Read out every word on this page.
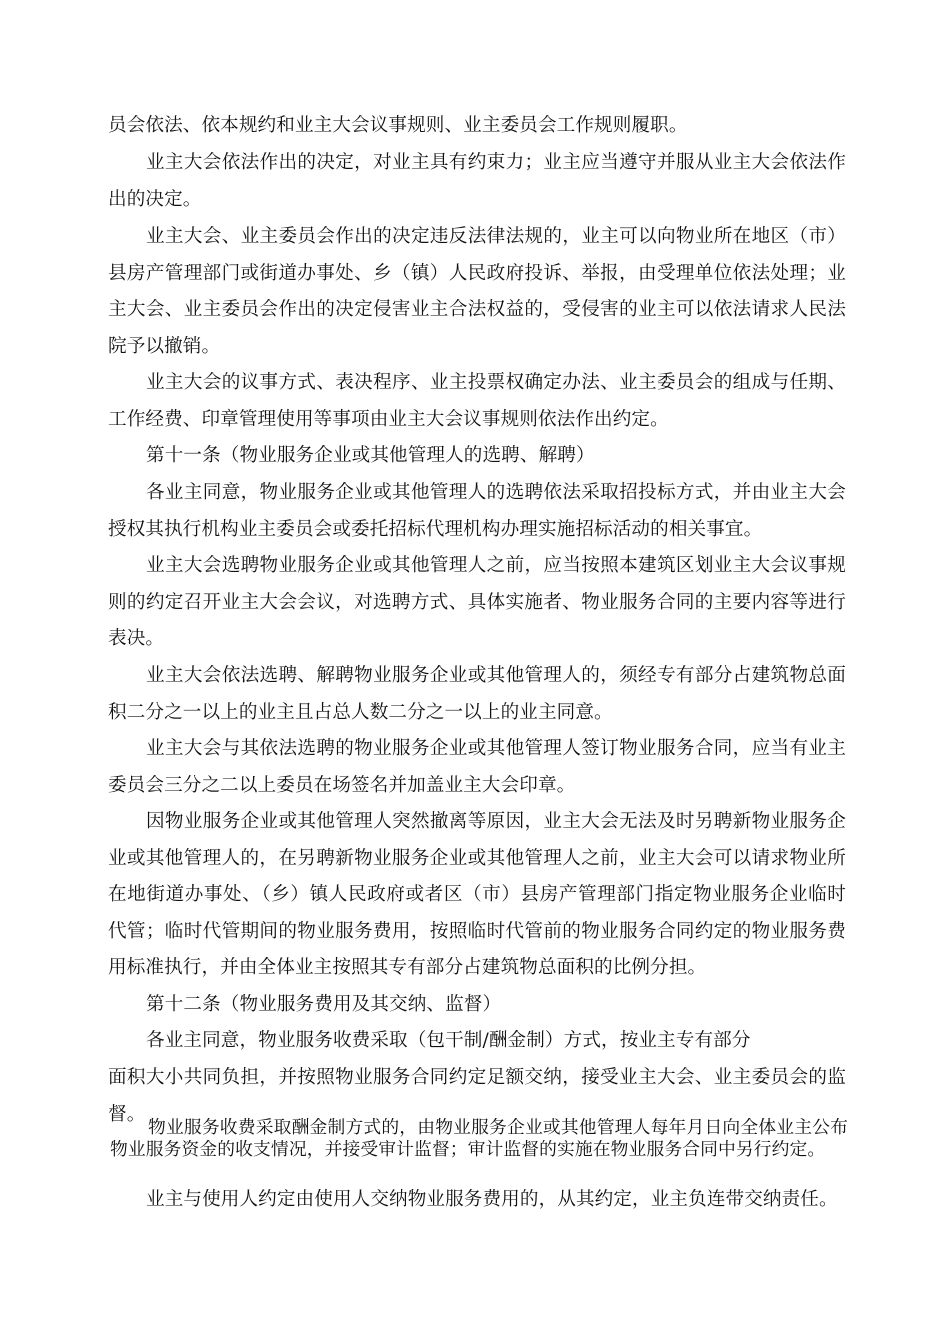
员会依法、依本规约和业主大会议事规则、业主委员会工作规则履职。

业主大会依法作出的决定，对业主具有约束力；业主应当遵守并服从业主大会依法作出的决定。

业主大会、业主委员会作出的决定违反法律法规的，业主可以向物业所在地区（市）县房产管理部门或街道办事处、乡（镇）人民政府投诉、举报，由受理单位依法处理；业主大会、业主委员会作出的决定侵害业主合法权益的，受侵害的业主可以依法请求人民法院予以撤销。

业主大会的议事方式、表决程序、业主投票权确定办法、业主委员会的组成与任期、工作经费、印章管理使用等事项由业主大会议事规则依法作出约定。

第十一条（物业服务企业或其他管理人的选聘、解聘）

各业主同意，物业服务企业或其他管理人的选聘依法采取招投标方式，并由业主大会授权其执行机构业主委员会或委托招标代理机构办理实施招标活动的相关事宜。

业主大会选聘物业服务企业或其他管理人之前，应当按照本建筑区划业主大会议事规则的约定召开业主大会会议，对选聘方式、具体实施者、物业服务合同的主要内容等进行表决。

业主大会依法选聘、解聘物业服务企业或其他管理人的，须经专有部分占建筑物总面积二分之一以上的业主且占总人数二分之一以上的业主同意。

业主大会与其依法选聘的物业服务企业或其他管理人签订物业服务合同，应当有业主委员会三分之二以上委员在场签名并加盖业主大会印章。

因物业服务企业或其他管理人突然撤离等原因，业主大会无法及时另聘新物业服务企业或其他管理人的，在另聘新物业服务企业或其他管理人之前，业主大会可以请求物业所在地街道办事处、（乡）镇人民政府或者区（市）县房产管理部门指定物业服务企业临时代管；临时代管期间的物业服务费用，按照临时代管前的物业服务合同约定的物业服务费用标准执行，并由全体业主按照其专有部分占建筑物总面积的比例分担。

第十二条（物业服务费用及其交纳、监督）

各业主同意，物业服务收费采取（包干制/酬金制）方式，按业主专有部分

面积大小共同负担，并按照物业服务合同约定足额交纳，接受业主大会、业主委员会的监督。

物业服务收费采取酬金制方式的，由物业服务企业或其他管理人每年月日向全体业主公布物业服务资金的收支情况，并接受审计监督；审计监督的实施在物业服务合同中另行约定。

业主与使用人约定由使用人交纳物业服务费用的，从其约定，业主负连带交纳责任。
